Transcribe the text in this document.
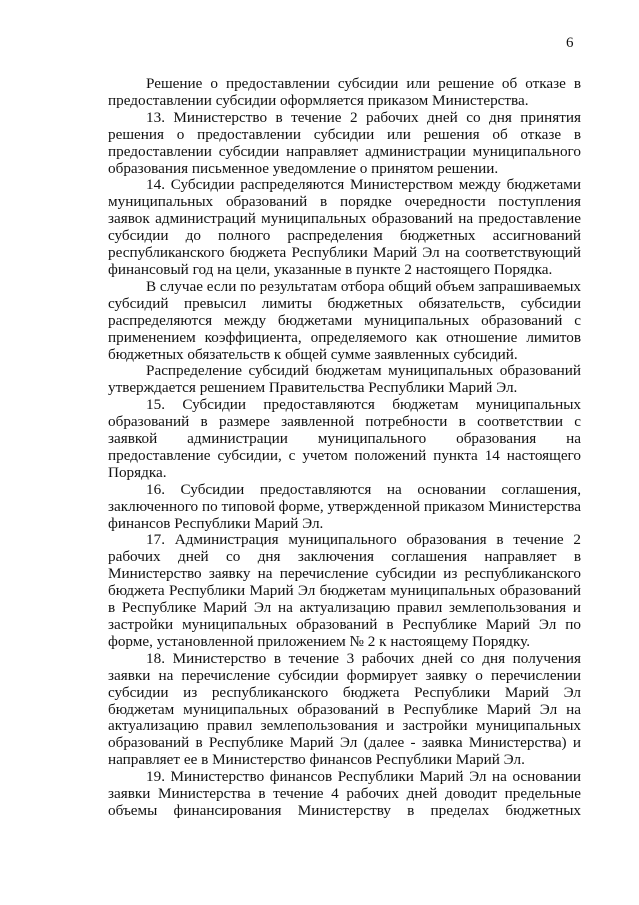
6

Решение о предоставлении субсидии или решение об отказе в предоставлении субсидии оформляется приказом Министерства.

13. Министерство в течение 2 рабочих дней со дня принятия решения о предоставлении субсидии или решения об отказе в предоставлении субсидии направляет администрации муниципального образования письменное уведомление о принятом решении.

14. Субсидии распределяются Министерством между бюджетами муниципальных образований в порядке очередности поступления заявок администраций муниципальных образований на предоставление субсидии до полного распределения бюджетных ассигнований республиканского бюджета Республики Марий Эл на соответствующий финансовый год на цели, указанные в пункте 2 настоящего Порядка.

В случае если по результатам отбора общий объем запрашиваемых субсидий превысил лимиты бюджетных обязательств, субсидии распределяются между бюджетами муниципальных образований с применением коэффициента, определяемого как отношение лимитов бюджетных обязательств к общей сумме заявленных субсидий.

Распределение субсидий бюджетам муниципальных образований утверждается решением Правительства Республики Марий Эл.

15. Субсидии предоставляются бюджетам муниципальных образований в размере заявленной потребности в соответствии с заявкой администрации муниципального образования на предоставление субсидии, с учетом положений пункта 14 настоящего Порядка.

16. Субсидии предоставляются на основании соглашения, заключенного по типовой форме, утвержденной приказом Министерства финансов Республики Марий Эл.

17. Администрация муниципального образования в течение 2 рабочих дней со дня заключения соглашения направляет в Министерство заявку на перечисление субсидии из республиканского бюджета Республики Марий Эл бюджетам муниципальных образований в Республике Марий Эл на актуализацию правил землепользования и застройки муниципальных образований в Республике Марий Эл по форме, установленной приложением № 2 к настоящему Порядку.

18. Министерство в течение 3 рабочих дней со дня получения заявки на перечисление субсидии формирует заявку о перечислении субсидии из республиканского бюджета Республики Марий Эл бюджетам муниципальных образований в Республике Марий Эл на актуализацию правил землепользования и застройки муниципальных образований в Республике Марий Эл (далее - заявка Министерства) и направляет ее в Министерство финансов Республики Марий Эл.

19. Министерство финансов Республики Марий Эл на основании заявки Министерства в течение 4 рабочих дней доводит предельные объемы финансирования Министерству в пределах бюджетных
